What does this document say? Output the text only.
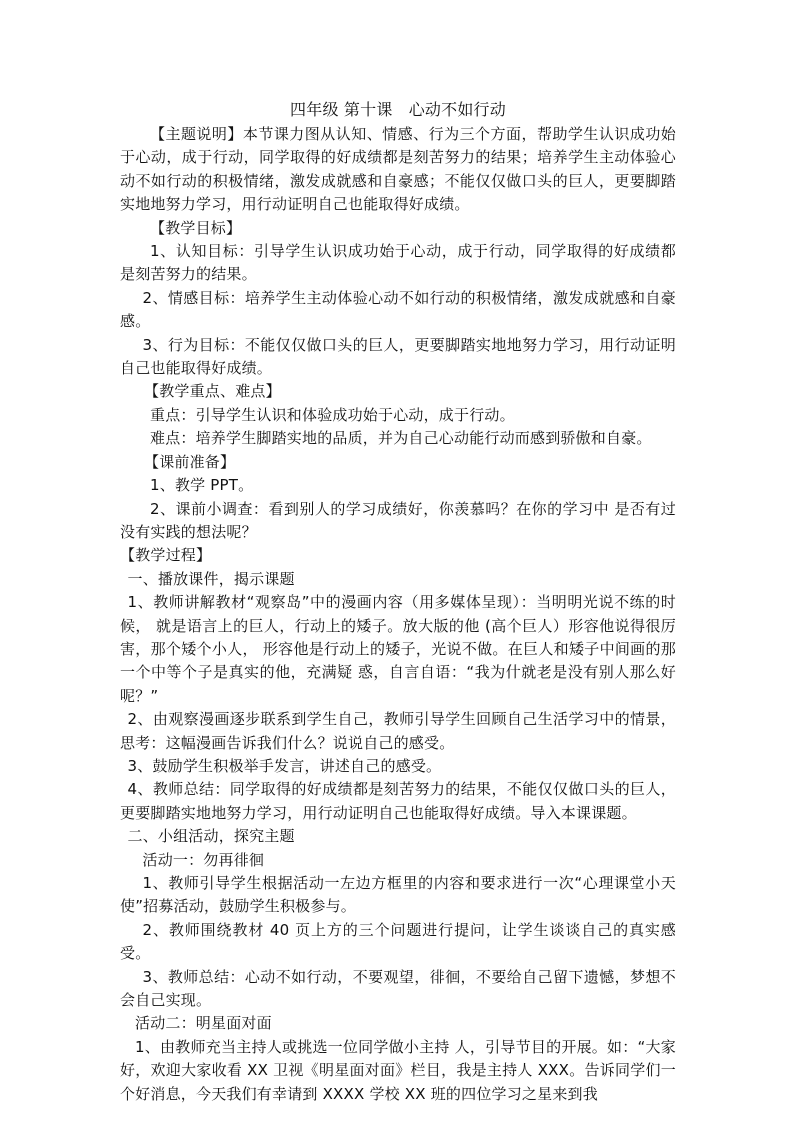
四年级 第十课　心动不如行动

【主题说明】本节课力图从认知、情感、行为三个方面，帮助学生认识成功始于心动，成于行动，同学取得的好成绩都是刻苦努力的结果；培养学生主动体验心动不如行动的积极情绪，激发成就感和自豪感；不能仅仅做口头的巨人，更要脚踏实地地努力学习，用行动证明自己也能取得好成绩。

【教学目标】

1、认知目标：引导学生认识成功始于心动，成于行动，同学取得的好成绩都是刻苦努力的结果。

2、情感目标：培养学生主动体验心动不如行动的积极情绪，激发成就感和自豪感。

3、行为目标：不能仅仅做口头的巨人，更要脚踏实地地努力学习，用行动证明自己也能取得好成绩。

【教学重点、难点】

重点：引导学生认识和体验成功始于心动，成于行动。

难点：培养学生脚踏实地的品质，并为自己心动能行动而感到骄傲和自豪。

【课前准备】

1、教学 PPT。

2、课前小调查：看到别人的学习成绩好，你羡慕吗？在你的学习中 是否有过没有实践的想法呢？

【教学过程】

一、播放课件，揭示课题

1、教师讲解教材“观察岛”中的漫画内容（用多媒体呈现）：当明明光说不练的时候， 就是语言上的巨人，行动上的矮子。放大版的他 (高个巨人）形容他说得很厉害，那个矮个小人， 形容他是行动上的矮子，光说不做。在巨人和矮子中间画的那一个中等个子是真实的他，充满疑 惑，自言自语：“我为什就老是没有别人那么好呢？”

2、由观察漫画逐步联系到学生自己，教师引导学生回顾自己生活学习中的情景，思考：这幅漫画告诉我们什么？说说自己的感受。

3、鼓励学生积极举手发言，讲述自己的感受。

4、教师总结：同学取得的好成绩都是刻苦努力的结果，不能仅仅做口头的巨人，更要脚踏实地地努力学习，用行动证明自己也能取得好成绩。导入本课课题。

二、小组活动，探究主题

活动一：勿再徘徊

1、教师引导学生根据活动一左边方框里的内容和要求进行一次“心理课堂小天使”招募活动，鼓励学生积极参与。

2、教师围绕教材 40 页上方的三个问题进行提问，让学生谈谈自己的真实感受。

3、教师总结：心动不如行动，不要观望，徘徊，不要给自己留下遗憾，梦想不会自己实现。

活动二：明星面对面

1、由教师充当主持人或挑选一位同学做小主持 人，引导节目的开展。如：“大家好，欢迎大家收看 XX 卫视《明星面对面》栏目，我是主持人 XXX。告诉同学们一个好消息，今天我们有幸请到 XXXX 学校 XX 班的四位学习之星来到我
